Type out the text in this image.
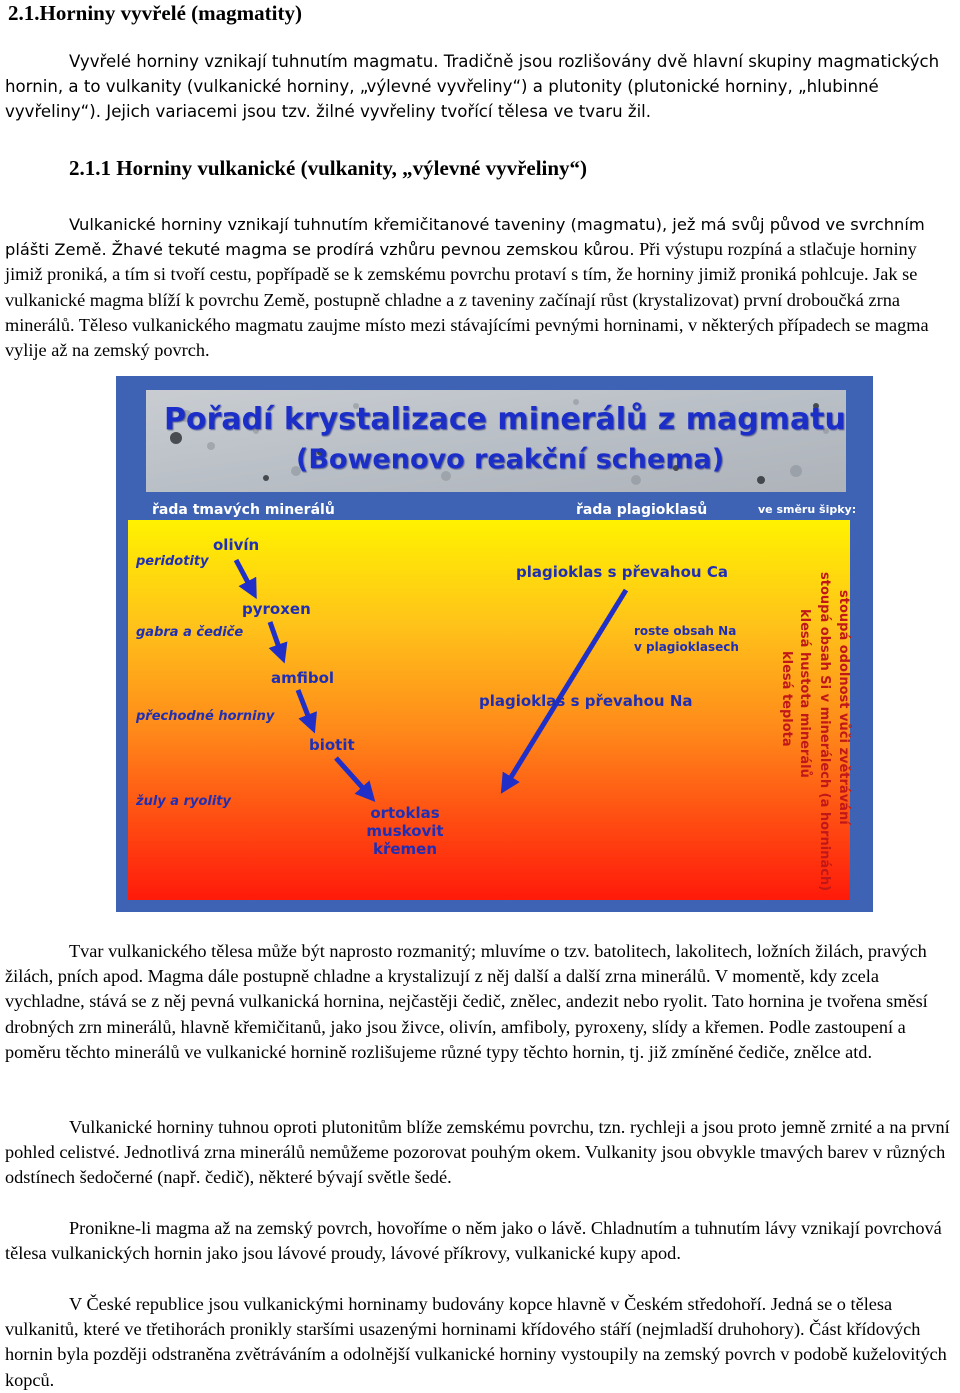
2.1.Horniny vyvřelé (magmatity)

Vyvřelé horniny vznikají tuhnutím magmatu. Tradičně jsou rozlišovány dvě hlavní skupiny magmatických hornin, a to vulkanity (vulkanické horniny, „výlevné vyvřeliny“) a plutonity (plutonické horniny, „hlubinné vyvřeliny“). Jejich variacemi jsou tzv. žilné vyvřeliny tvořící tělesa ve tvaru žil.

2.1.1 Horniny vulkanické (vulkanity, „výlevné vyvřeliny“)

Vulkanické horniny vznikají tuhnutím křemičitanové taveniny (magmatu), jež má svůj původ ve svrchním plášti Země. Žhavé tekuté magma se prodírá vzhůru pevnou zemskou kůrou. Při výstupu rozpíná a stlačuje horniny jimiž proniká, a tím si tvoří cestu, popřípadě se k zemskému povrchu protaví s tím, že horniny jimiž proniká pohlcuje. Jak se vulkanické magma blíží k povrchu Země, postupně chladne a z taveniny začínají růst (krystalizovat) první droboučká zrna minerálů. Těleso vulkanického magmatu zaujme místo mezi stávajícími pevnými horninami, v některých případech se magma vylije až na zemský povrch.

Pořadí krystalizace minerálů z magmatu
(Bowenovo reakční schema)
řada tmavých minerálů	řada plagioklasů	ve směru šipky:
peridotity
gabra a čediče
přechodné horniny
žuly a ryolity
olivín
pyroxen
amfibol
biotit
ortoklas
muskovit
křemen
plagioklas s převahou Ca
plagioklas s převahou Na
roste obsah Na
v plagioklasech	stoupá odolnost vůči zvětrávání
stoupá obsah Si v minerálech (a horninách)
klesá hustota minerálů
klesá teplota

Tvar vulkanického tělesa může být naprosto rozmanitý; mluvíme o tzv. batolitech, lakolitech, ložních žilách, pravých žilách, pních apod. Magma dále postupně chladne a krystalizují z něj další a další zrna minerálů. V momentě, kdy zcela vychladne, stává se z něj pevná vulkanická hornina, nejčastěji čedič, znělec, andezit nebo ryolit. Tato hornina je tvořena směsí drobných zrn minerálů, hlavně křemičitanů, jako jsou živce, olivín, amfiboly, pyroxeny, slídy a křemen. Podle zastoupení a poměru těchto minerálů ve vulkanické hornině rozlišujeme různé typy těchto hornin, tj. již zmíněné čediče, znělce atd.

Vulkanické horniny tuhnou oproti plutonitům blíže zemskému povrchu, tzn. rychleji a jsou proto jemně zrnité a na první pohled celistvé. Jednotlivá zrna minerálů nemůžeme pozorovat pouhým okem. Vulkanity jsou obvykle tmavých barev v různých odstínech šedočerné (např. čedič), některé bývají světle šedé.

Pronikne-li magma až na zemský povrch, hovoříme o něm jako o lávě. Chladnutím a tuhnutím lávy vznikají povrchová tělesa vulkanických hornin jako jsou lávové proudy, lávové příkrovy, vulkanické kupy apod.

V České republice jsou vulkanickými horninamy budovány kopce hlavně v Českém středohoří. Jedná se o tělesa vulkanitů, které ve třetihorách pronikly staršími usazenými horninami křídového stáří (nejmladší druhohory). Část křídových hornin byla později odstraněna zvětráváním a odolnější vulkanické horniny vystoupily na zemský povrch v podobě kuželovitých kopců.
